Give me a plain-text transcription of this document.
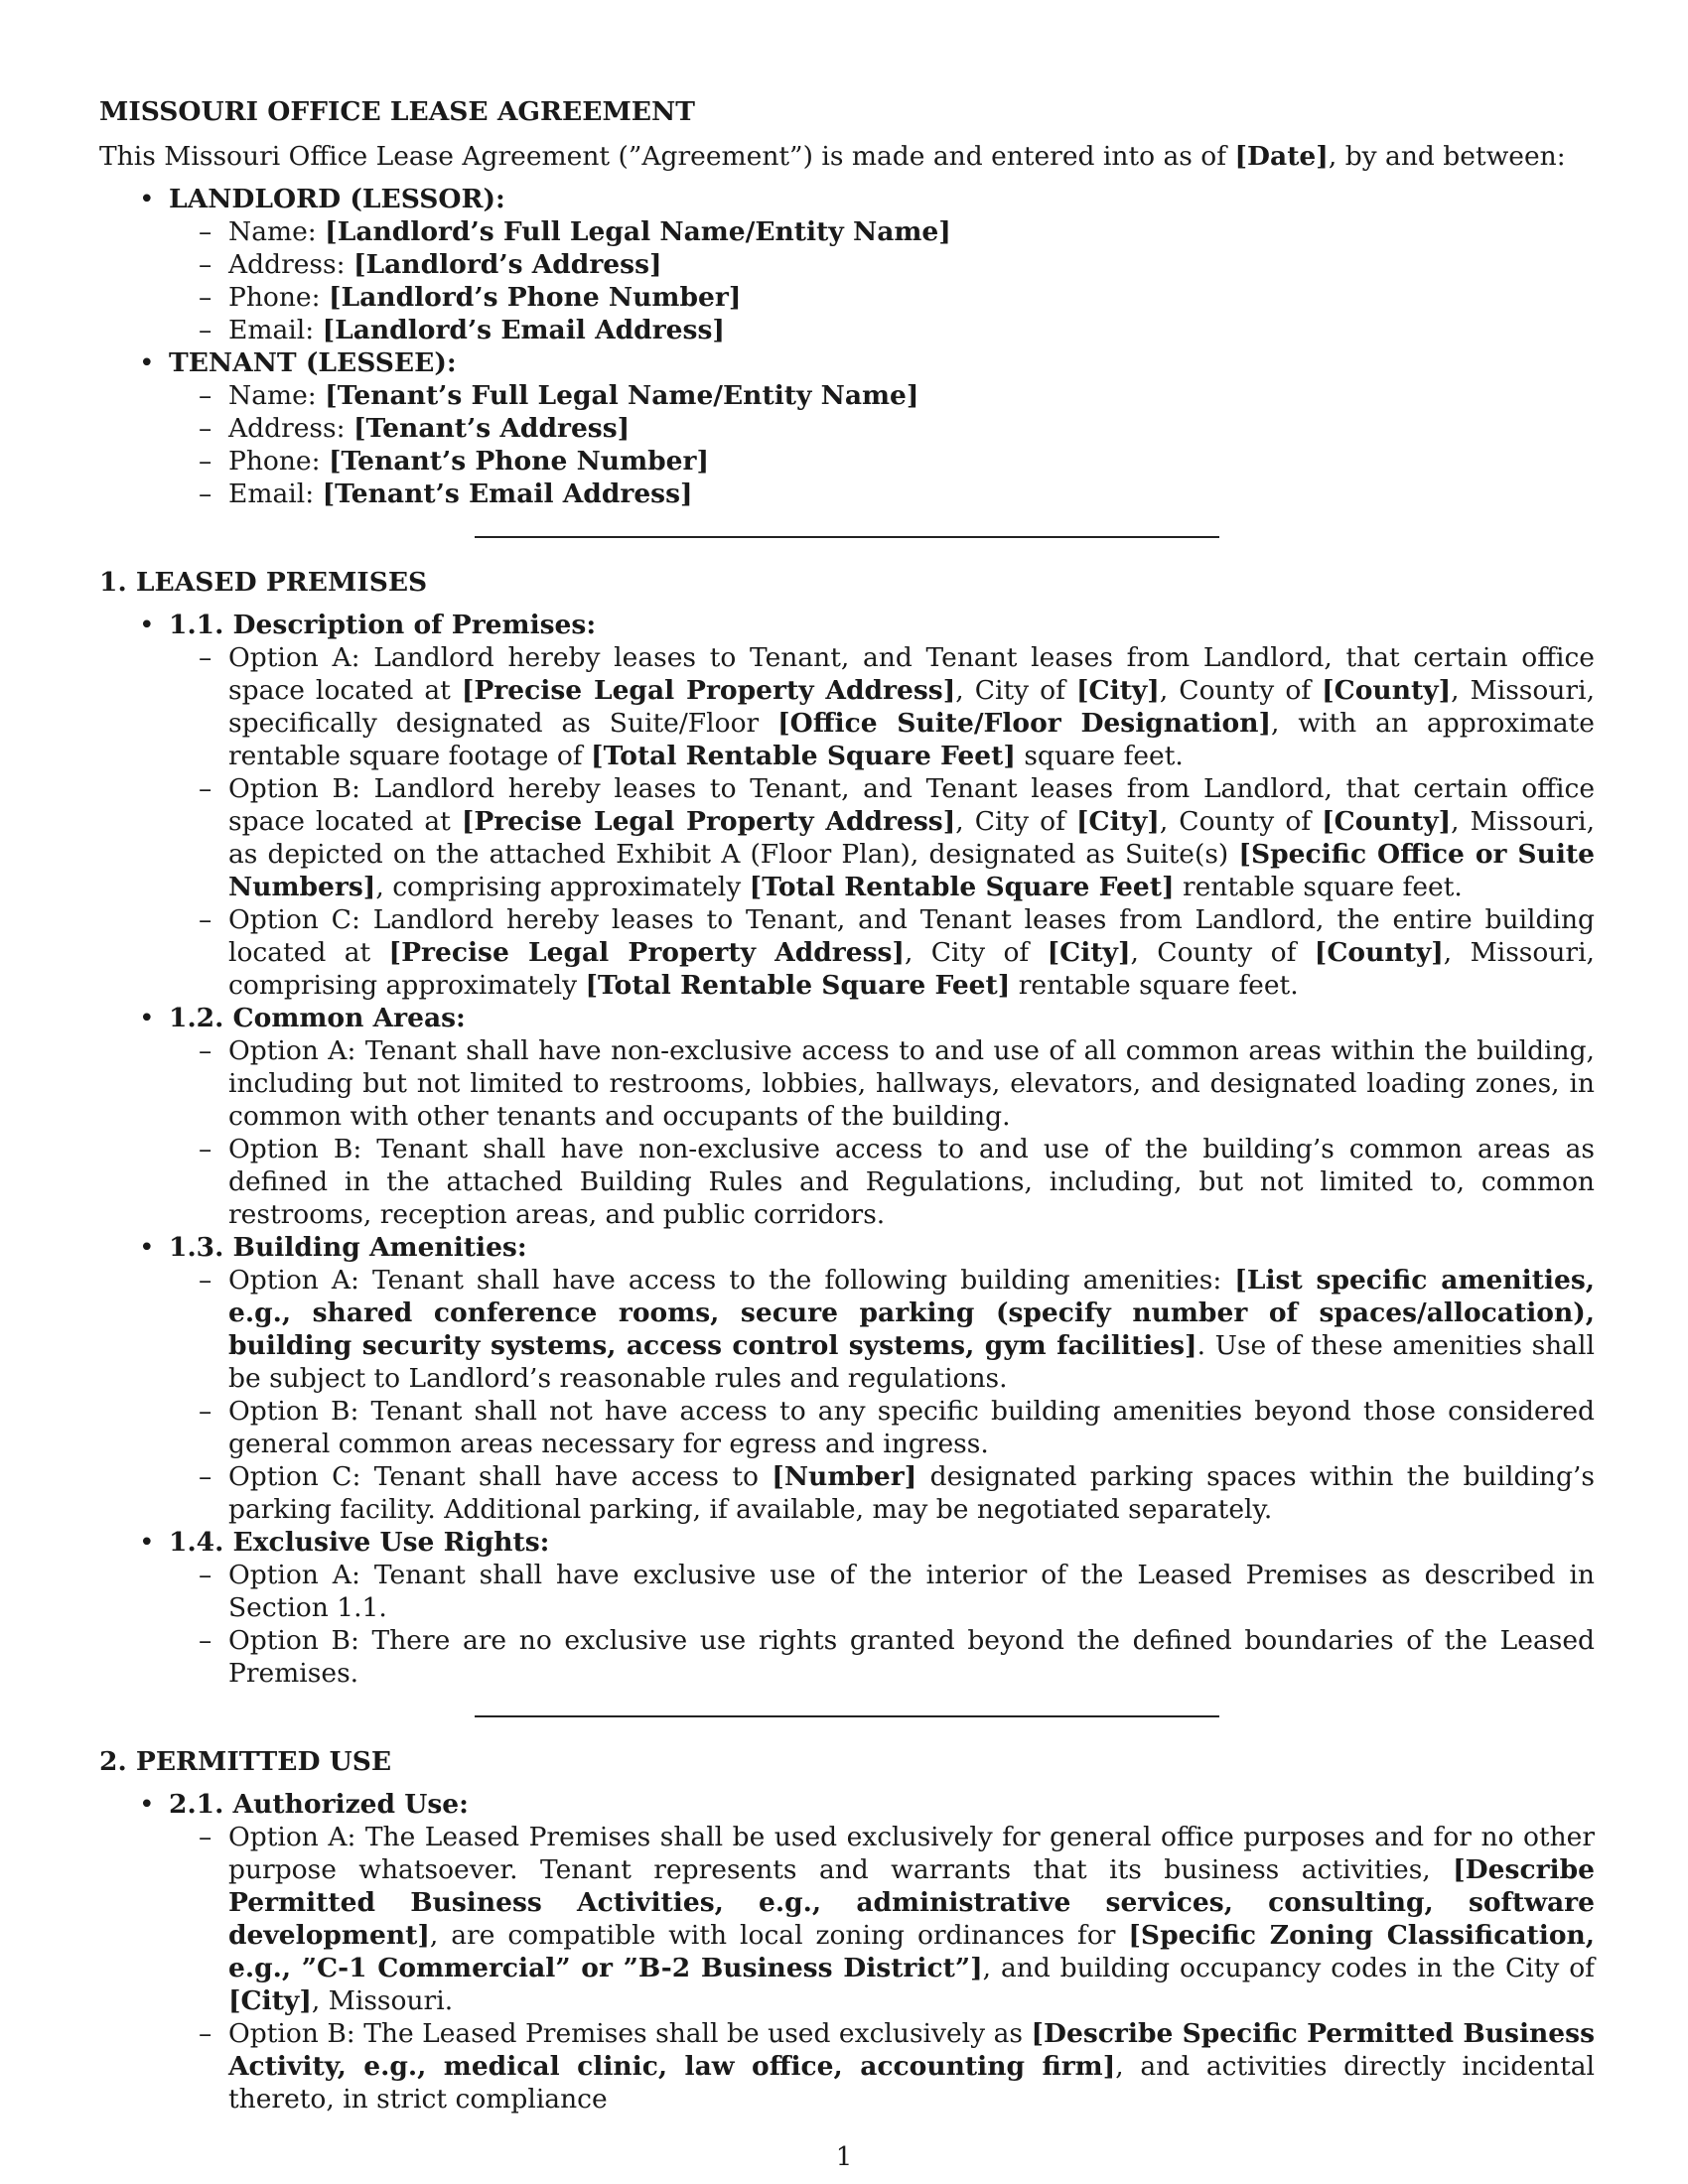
MISSOURI OFFICE LEASE AGREEMENT
This Missouri Office Lease Agreement (”Agreement”) is made and entered into as of [Date], by and between:
• LANDLORD (LESSOR):
– Name: [Landlord’s Full Legal Name/Entity Name]
– Address: [Landlord’s Address]
– Phone: [Landlord’s Phone Number]
– Email: [Landlord’s Email Address]
• TENANT (LESSEE):
– Name: [Tenant’s Full Legal Name/Entity Name]
– Address: [Tenant’s Address]
– Phone: [Tenant’s Phone Number]
– Email: [Tenant’s Email Address]
1. LEASED PREMISES
• 1.1. Description of Premises:
– Option A: Landlord hereby leases to Tenant, and Tenant leases from Landlord, that certain office space located at [Precise Legal Property Address], City of [City], County of [County], Missouri, specifically designated as Suite/Floor [Office Suite/Floor Designation], with an approximate rentable square footage of [Total Rentable Square Feet] square feet.
– Option B: Landlord hereby leases to Tenant, and Tenant leases from Landlord, that certain office space located at [Precise Legal Property Address], City of [City], County of [County], Missouri, as depicted on the attached Exhibit A (Floor Plan), designated as Suite(s) [Specific Office or Suite Numbers], comprising approximately [Total Rentable Square Feet] rentable square feet.
– Option C: Landlord hereby leases to Tenant, and Tenant leases from Landlord, the entire building located at [Precise Legal Property Address], City of [City], County of [County], Missouri, comprising approximately [Total Rentable Square Feet] rentable square feet.
• 1.2. Common Areas:
– Option A: Tenant shall have non-exclusive access to and use of all common areas within the building, including but not limited to restrooms, lobbies, hallways, elevators, and designated loading zones, in common with other tenants and occupants of the building.
– Option B: Tenant shall have non-exclusive access to and use of the building’s common areas as defined in the attached Building Rules and Regulations, including, but not limited to, common restrooms, reception areas, and public corridors.
• 1.3. Building Amenities:
– Option A: Tenant shall have access to the following building amenities: [List specific amenities, e.g., shared conference rooms, secure parking (specify number of spaces/allocation), building security systems, access control systems, gym facilities]. Use of these amenities shall be subject to Landlord’s reasonable rules and regulations.
– Option B: Tenant shall not have access to any specific building amenities beyond those considered general common areas necessary for egress and ingress.
– Option C: Tenant shall have access to [Number] designated parking spaces within the building’s parking facility. Additional parking, if available, may be negotiated separately.
• 1.4. Exclusive Use Rights:
– Option A: Tenant shall have exclusive use of the interior of the Leased Premises as described in Section 1.1.
– Option B: There are no exclusive use rights granted beyond the defined boundaries of the Leased Premises.
2. PERMITTED USE
• 2.1. Authorized Use:
– Option A: The Leased Premises shall be used exclusively for general office purposes and for no other purpose whatsoever. Tenant represents and warrants that its business activities, [Describe Permitted Business Activities, e.g., administrative services, consulting, software development], are compatible with local zoning ordinances for [Specific Zoning Classification, e.g., ”C-1 Commercial” or ”B-2 Business District”], and building occupancy codes in the City of [City], Missouri.
– Option B: The Leased Premises shall be used exclusively as [Describe Specific Permitted Business Activity, e.g., medical clinic, law office, accounting firm], and activities directly incidental thereto, in strict compliance
1
